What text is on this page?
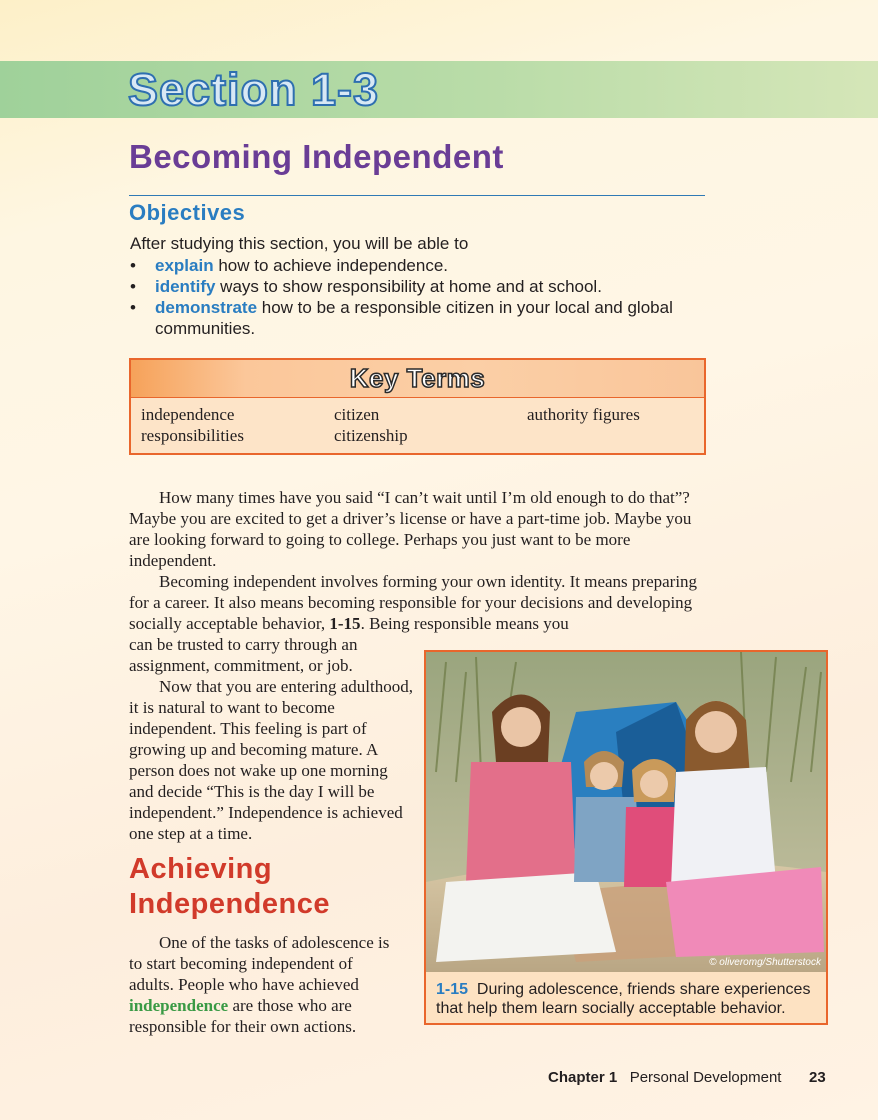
Section 1-3
Becoming Independent
Objectives

After studying this section, you will be able to

• explain how to achieve independence.
• identify ways to show responsibility at home and at school.
• demonstrate how to be a responsible citizen in your local and global communities.
Key Terms
independence
responsibilities
citizen
citizenship
authority figures

How many times have you said “I can’t wait until I’m old enough to do that”? Maybe you are excited to get a driver’s license or have a part-time job. Maybe you are looking forward to going to college. Perhaps you just want to be more independent.

Becoming independent involves forming your own identity. It means preparing for a career. It also means becoming responsible for your decisions and developing socially acceptable behavior, 1-15. Being responsible means you

can be trusted to carry through an assignment, commitment, or job.

Now that you are entering adulthood, it is natural to want to become independent. This feeling is part of growing up and becoming mature. A person does not wake up one morning and decide “This is the day I will be independent.” Independence is achieved one step at a time.

Achieving Independence

One of the tasks of adolescence is to start becoming independent of adults. People who have achieved independence are those who are responsible for their own actions.

© oliveromg/Shutterstock

1-15 During adolescence, friends share experiences that help them learn socially acceptable behavior.

Chapter 1 Personal Development 23
